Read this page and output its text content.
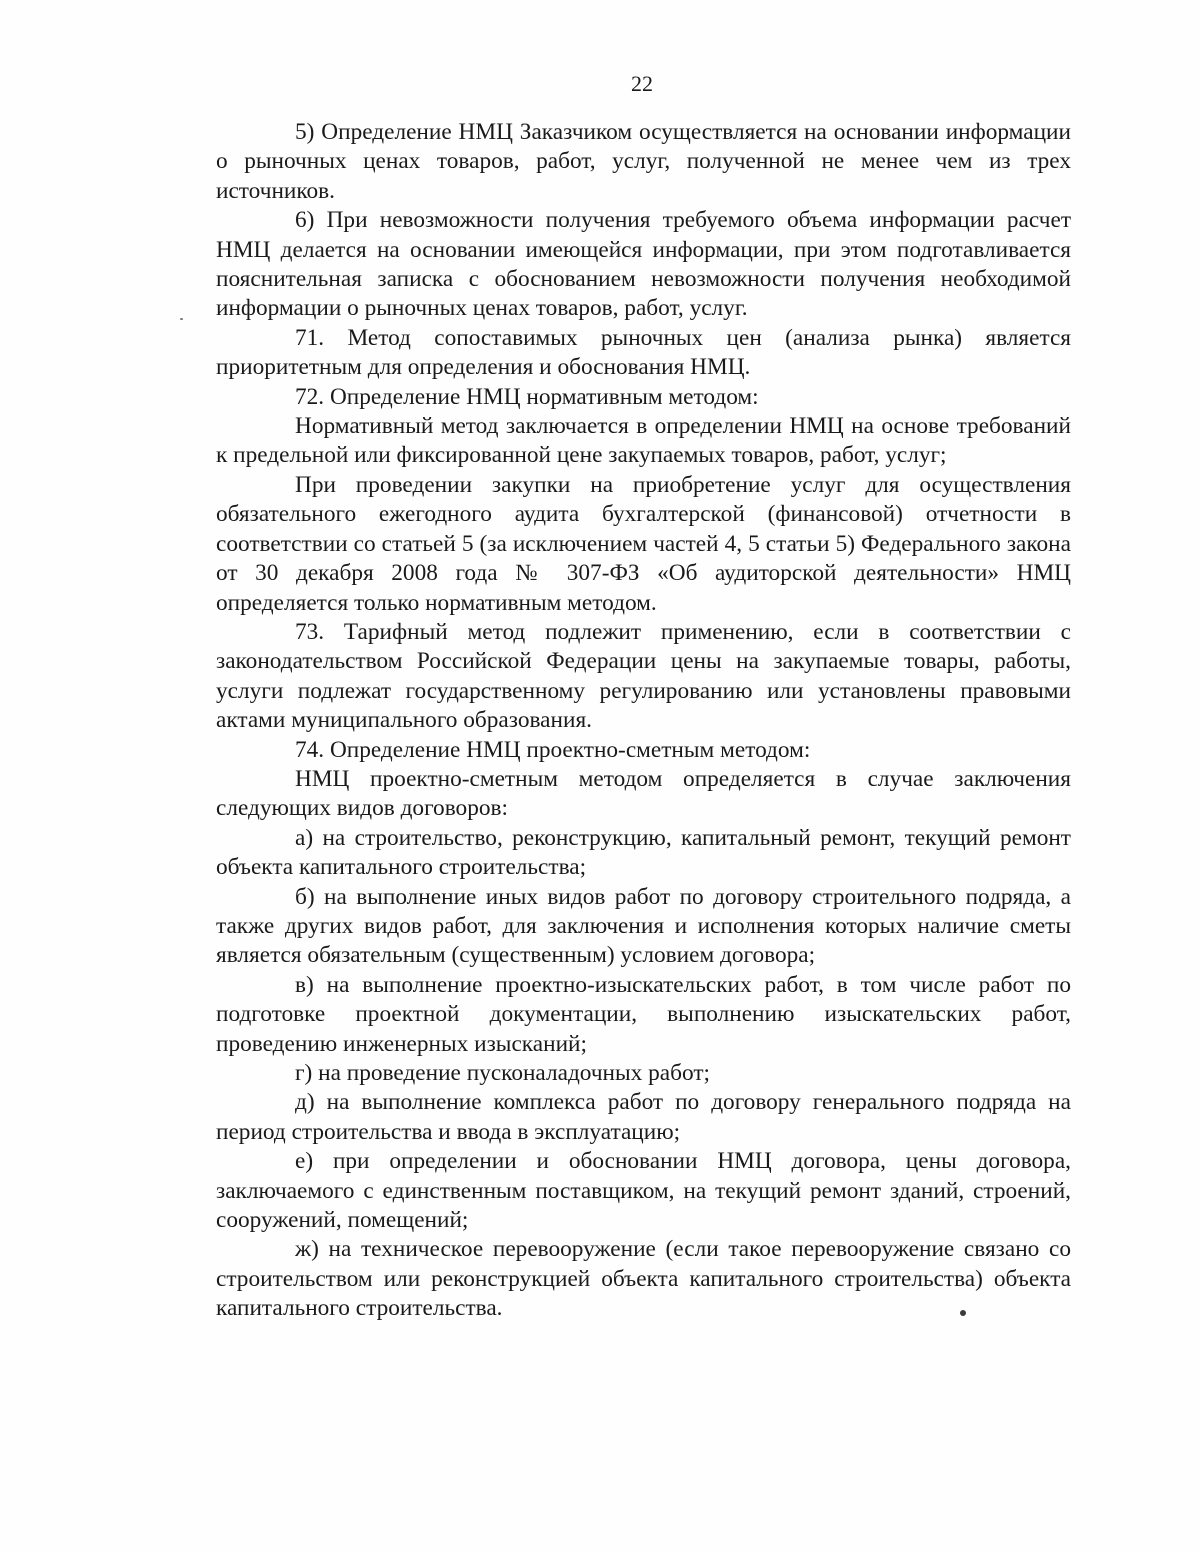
22

5) Определение НМЦ Заказчиком осуществляется на основании информации о рыночных ценах товаров, работ, услуг, полученной не менее чем из трех источников.

6) При невозможности получения требуемого объема информации расчет НМЦ делается на основании имеющейся информации, при этом подготавливается пояснительная записка с обоснованием невозможности получения необходимой информации о рыночных ценах товаров, работ, услуг.

71. Метод сопоставимых рыночных цен (анализа рынка) является приоритетным для определения и обоснования НМЦ.

72. Определение НМЦ нормативным методом:

Нормативный метод заключается в определении НМЦ на основе требований к предельной или фиксированной цене закупаемых товаров, работ, услуг;

При проведении закупки на приобретение услуг для осуществления обязательного ежегодного аудита бухгалтерской (финансовой) отчетности в соответствии со статьей 5 (за исключением частей 4, 5 статьи 5) Федерального закона от 30 декабря 2008 года № 307-ФЗ «Об аудиторской деятельности» НМЦ определяется только нормативным методом.

73. Тарифный метод подлежит применению, если в соответствии с законодательством Российской Федерации цены на закупаемые товары, работы, услуги подлежат государственному регулированию или установлены правовыми актами муниципального образования.

74. Определение НМЦ проектно-сметным методом:

НМЦ проектно-сметным методом определяется в случае заключения следующих видов договоров:

а) на строительство, реконструкцию, капитальный ремонт, текущий ремонт объекта капитального строительства;

б) на выполнение иных видов работ по договору строительного подряда, а также других видов работ, для заключения и исполнения которых наличие сметы является обязательным (существенным) условием договора;

в) на выполнение проектно-изыскательских работ, в том числе работ по подготовке проектной документации, выполнению изыскательских работ, проведению инженерных изысканий;

г) на проведение пусконаладочных работ;

д) на выполнение комплекса работ по договору генерального подряда на период строительства и ввода в эксплуатацию;

е) при определении и обосновании НМЦ договора, цены договора, заключаемого с единственным поставщиком, на текущий ремонт зданий, строений, сооружений, помещений;

ж) на техническое перевооружение (если такое перевооружение связано со строительством или реконструкцией объекта капитального строительства) объекта капитального строительства.
